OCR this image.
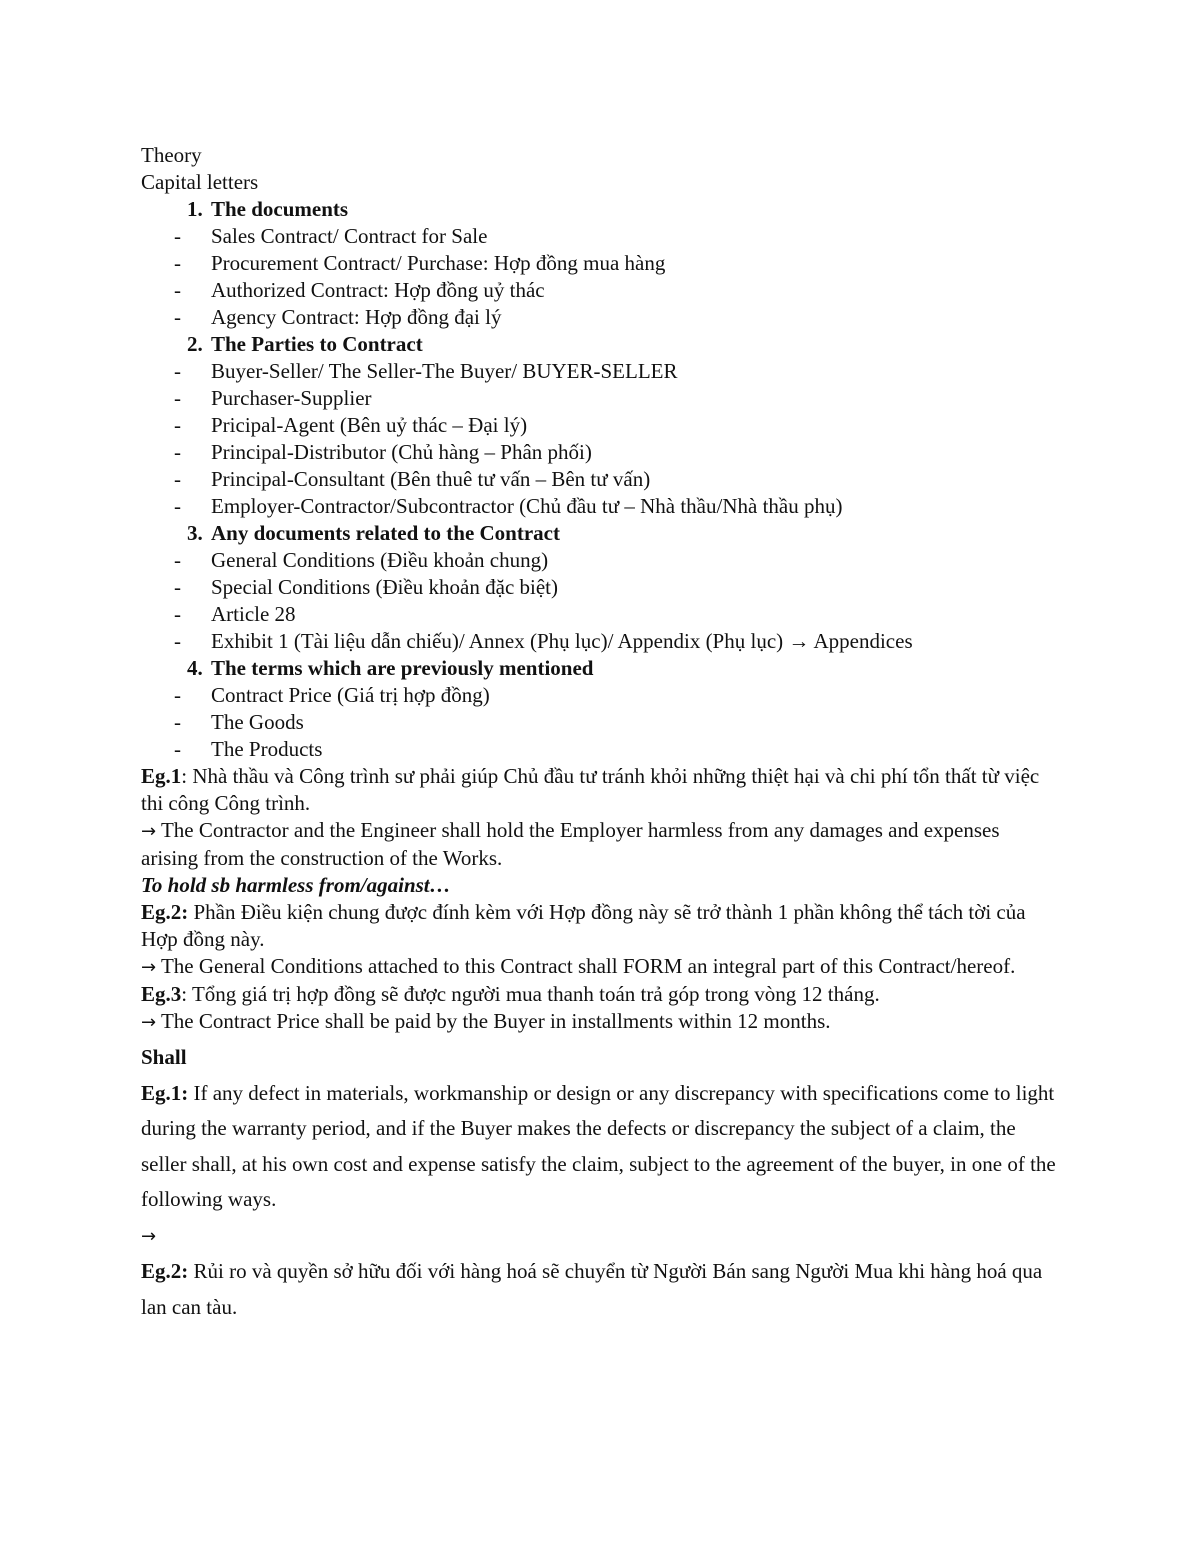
Theory
Capital letters
1. The documents
-	Sales Contract/ Contract for Sale
-	Procurement Contract/ Purchase: Hợp đồng mua hàng
-	Authorized Contract: Hợp đồng uỷ thác
-	Agency Contract: Hợp đồng đại lý
2. The Parties to Contract
-	Buyer-Seller/ The Seller-The Buyer/ BUYER-SELLER
-	Purchaser-Supplier
-	Pricipal-Agent (Bên uỷ thác – Đại lý)
-	Principal-Distributor (Chủ hàng – Phân phối)
-	Principal-Consultant (Bên thuê tư vấn – Bên tư vấn)
-	Employer-Contractor/Subcontractor (Chủ đầu tư – Nhà thầu/Nhà thầu phụ)
3. Any documents related to the Contract
-	General Conditions (Điều khoản chung)
-	Special Conditions (Điều khoản đặc biệt)
-	Article 28
-	Exhibit 1 (Tài liệu dẫn chiếu)/ Annex (Phụ lục)/ Appendix (Phụ lục) → Appendices
4. The terms which are previously mentioned
-	Contract Price (Giá trị hợp đồng)
-	The Goods
-	The Products
Eg.1: Nhà thầu và Công trình sư phải giúp Chủ đầu tư tránh khỏi những thiệt hại và chi phí tổn thất từ việc thi công Công trình.
→ The Contractor and the Engineer shall hold the Employer harmless from any damages and expenses arising from the construction of the Works.
To hold sb harmless from/against…
Eg.2: Phần Điều kiện chung được đính kèm với Hợp đồng này sẽ trở thành 1 phần không thể tách tời của Hợp đồng này.
→ The General Conditions attached to this Contract shall FORM an integral part of this Contract/hereof.
Eg.3: Tổng giá trị hợp đồng sẽ được người mua thanh toán trả góp trong vòng 12 tháng.
→ The Contract Price shall be paid by the Buyer in installments within 12 months.

Shall

Eg.1: If any defect in materials, workmanship or design or any discrepancy with specifications come to light during the warranty period, and if the Buyer makes the defects or discrepancy the subject of a claim, the seller shall, at his own cost and expense satisfy the claim, subject to the agreement of the buyer, in one of the following ways.

→

Eg.2: Rủi ro và quyền sở hữu đối với hàng hoá sẽ chuyển từ Người Bán sang Người Mua khi hàng hoá qua lan can tàu.
